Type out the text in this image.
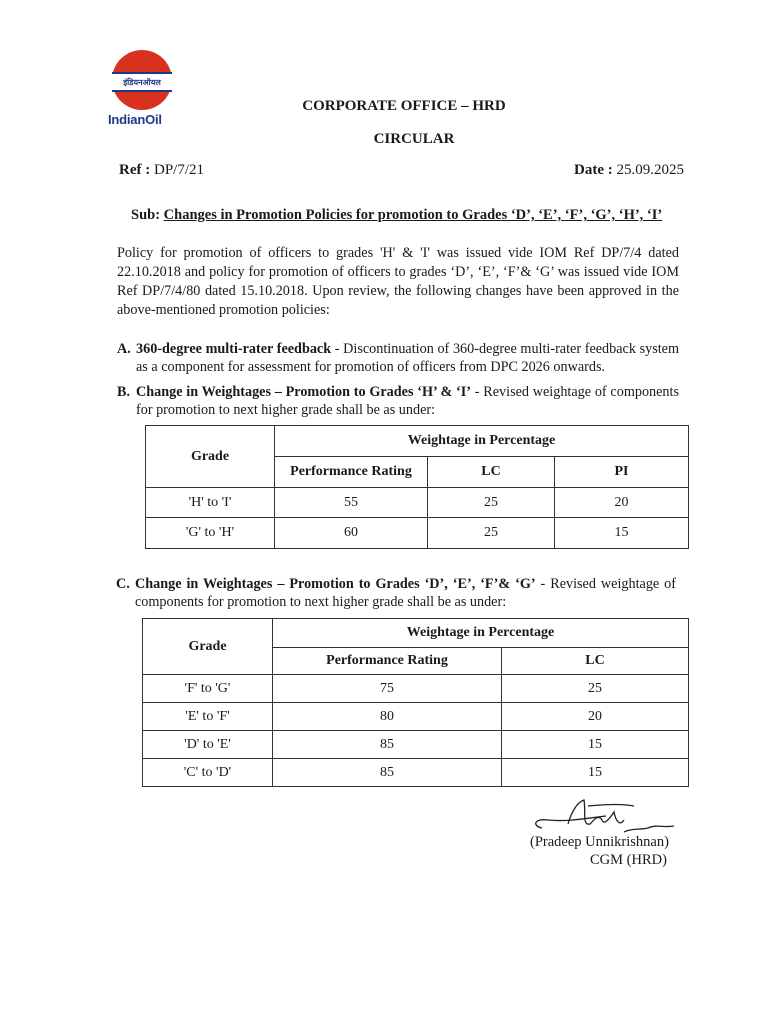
इंडियनऑयल
IndianOil
CORPORATE OFFICE – HRD
CIRCULAR
Ref : DP/7/21	Date : 25.09.2025
Sub: Changes in Promotion Policies for promotion to Grades ‘D’, ‘E’, ‘F’, ‘G’, ‘H’, ‘I’
Policy for promotion of officers to grades 'H' & 'I' was issued vide IOM Ref DP/7/4 dated 22.10.2018 and policy for promotion of officers to grades ‘D’, ‘E’, ‘F’& ‘G’ was issued vide IOM Ref DP/7/4/80 dated 15.10.2018. Upon review, the following changes have been approved in the above-mentioned promotion policies:
A. 360-degree multi-rater feedback - Discontinuation of 360-degree multi-rater feedback system as a component for assessment for promotion of officers from DPC 2026 onwards.
B. Change in Weightages – Promotion to Grades ‘H’ & ‘I’ - Revised weightage of components for promotion to next higher grade shall be as under:
Grade	Weightage in Percentage		
	Performance Rating	LC	PI
'H' to 'I'	55	25	20
'G' to 'H'	60	25	15
C. Change in Weightages – Promotion to Grades ‘D’, ‘E’, ‘F’& ‘G’ - Revised weightage of components for promotion to next higher grade shall be as under:
Grade	Weightage in Percentage	
	Performance Rating	LC
'F' to 'G'	75	25
'E' to 'F'	80	20
'D' to 'E'	85	15
'C' to 'D'	85	15
(Pradeep Unnikrishnan)
CGM (HRD)
